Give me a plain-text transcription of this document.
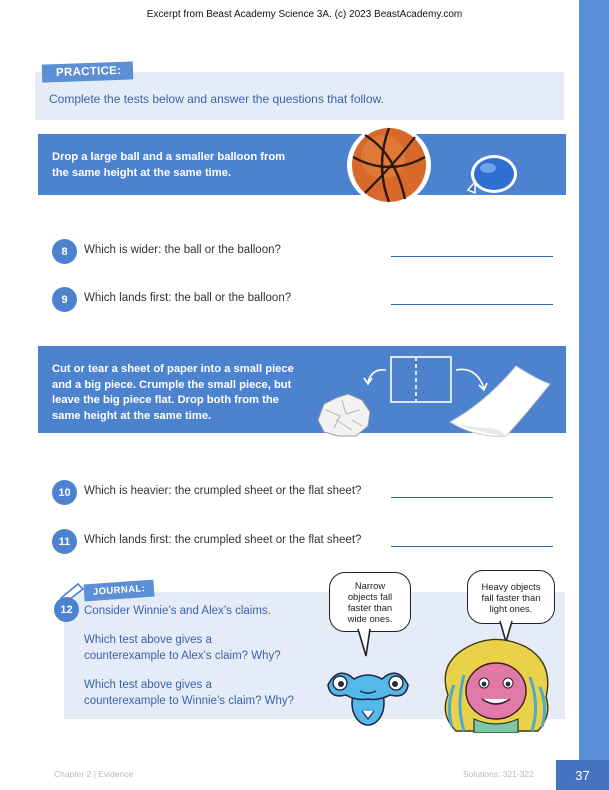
37
Excerpt from Beast Academy Science 3A. (c) 2023 BeastAcademy.com
PRACTICE:
Complete the tests below and answer the questions that follow.
Drop a large ball and a smaller balloon from
the same height at the same time.
8	Which is wider: the ball or the balloon?
9	Which lands first: the ball or the balloon?
Cut or tear a sheet of paper into a small piece
and a big piece. Crumple the small piece, but
leave the big piece flat. Drop both from the
same height at the same time.
10	Which is heavier: the crumpled sheet or the flat sheet?
11	Which lands first: the crumpled sheet or the flat sheet?
JOURNAL:
12 Consider Winnie’s and Alex’s claims.
Which test above gives a
counterexample to Alex’s claim? Why?
Which test above gives a
counterexample to Winnie’s claim? Why?
Narrow
objects fall
faster than
wide ones.
Heavy objects
fall faster than
light ones.
Chapter 2 | Evidence	Solutions: 321-322
